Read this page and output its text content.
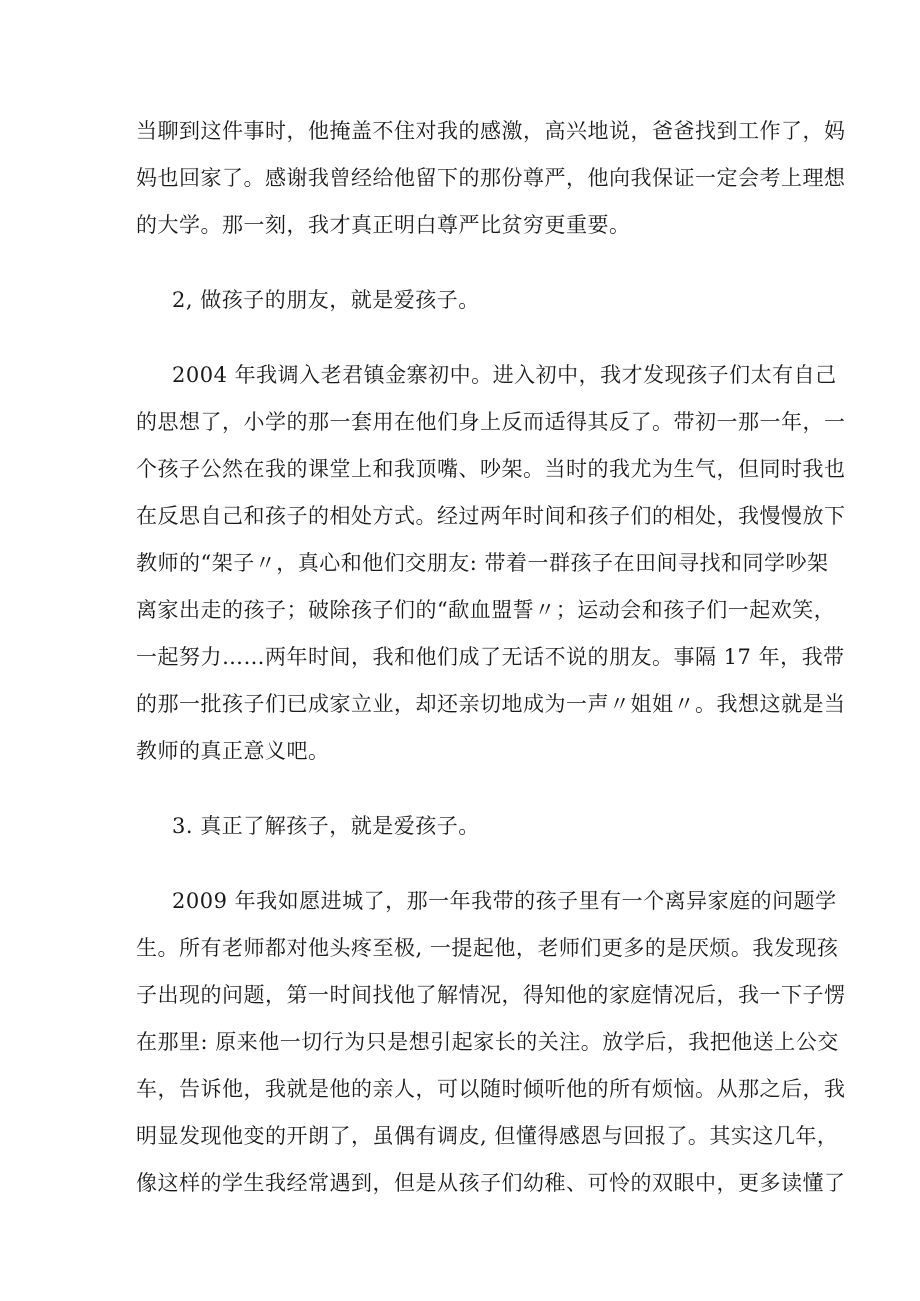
当聊到这件事时，他掩盖不住对我的感激，高兴地说，爸爸找到工作了，妈
妈也回家了。感谢我曾经给他留下的那份尊严，他向我保证一定会考上理想
的大学。那一刻，我才真正明白尊严比贫穷更重要。
2, 做孩子的朋友，就是爱孩子。
2004 年我调入老君镇金寨初中。进入初中，我才发现孩子们太有自己
的思想了，小学的那一套用在他们身上反而适得其反了。带初一那一年，一
个孩子公然在我的课堂上和我顶嘴、吵架。当时的我尤为生气，但同时我也
在反思自己和孩子的相处方式。经过两年时间和孩子们的相处，我慢慢放下
教师的“架子〃，真心和他们交朋友: 带着一群孩子在田间寻找和同学吵架
离家出走的孩子；破除孩子们的“歃血盟誓〃；运动会和孩子们一起欢笑，
一起努力……两年时间，我和他们成了无话不说的朋友。事隔 17 年，我带
的那一批孩子们已成家立业，却还亲切地成为一声〃姐姐〃。我想这就是当
教师的真正意义吧。
3. 真正了解孩子，就是爱孩子。
2009 年我如愿进城了，那一年我带的孩子里有一个离异家庭的问题学
生。所有老师都对他头疼至极, 一提起他，老师们更多的是厌烦。我发现孩
子出现的问题，第一时间找他了解情况，得知他的家庭情况后，我一下子愣
在那里: 原来他一切行为只是想引起家长的关注。放学后，我把他送上公交
车，告诉他，我就是他的亲人，可以随时倾听他的所有烦恼。从那之后，我
明显发现他变的开朗了，虽偶有调皮, 但懂得感恩与回报了。其实这几年，
像这样的学生我经常遇到，但是从孩子们幼稚、可怜的双眼中，更多读懂了
